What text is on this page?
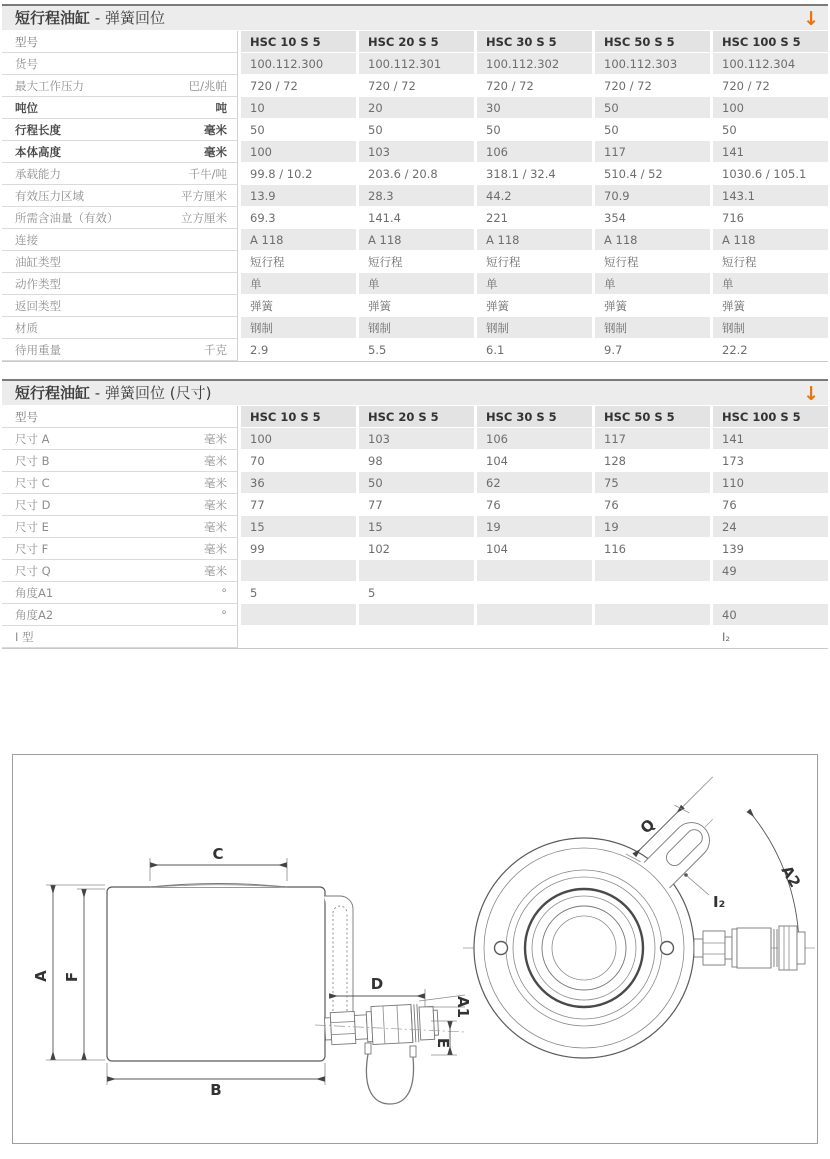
短行程油缸 - 弹簧回位	↓
型号	HSC 10 S 5	HSC 20 S 5	HSC 30 S 5	HSC 50 S 5	HSC 100 S 5

货号	100.112.300	100.112.301	100.112.302	100.112.303	100.112.304

最大工作压力 巴/兆帕	720 / 72	720 / 72	720 / 72	720 / 72	720 / 72

吨位 吨	10	20	30	50	100

行程长度 毫米	50	50	50	50	50

本体高度 毫米	100	103	106	117	141

承载能力 千牛/吨	99.8 / 10.2	203.6 / 20.8	318.1 / 32.4	510.4 / 52	1030.6 / 105.1

有效压力区域 平方厘米	13.9	28.3	44.2	70.9	143.1

所需含油量（有效） 立方厘米	69.3	141.4	221	354	716

连接	A 118	A 118	A 118	A 118	A 118

油缸类型	短行程	短行程	短行程	短行程	短行程

动作类型	单	单	单	单	单

返回类型	弹簧	弹簧	弹簧	弹簧	弹簧

材质	钢制	钢制	钢制	钢制	钢制

待用重量 千克	2.9	5.5	6.1	9.7	22.2
短行程油缸 - 弹簧回位 (尺寸)	↓
型号	HSC 10 S 5	HSC 20 S 5	HSC 30 S 5	HSC 50 S 5	HSC 100 S 5

尺寸 A 毫米	100	103	106	117	141

尺寸 B 毫米	70	98	104	128	173

尺寸 C 毫米	36	50	62	75	110

尺寸 D 毫米	77	77	76	76	76

尺寸 E 毫米	15	15	19	19	24

尺寸 F 毫米	99	102	104	116	139

尺寸 Q 毫米					49

角度A1 °	5	5			

角度A2 °					40

I 型					I₂
A F
C
B
D
A1
E
Q
I₂
A2
